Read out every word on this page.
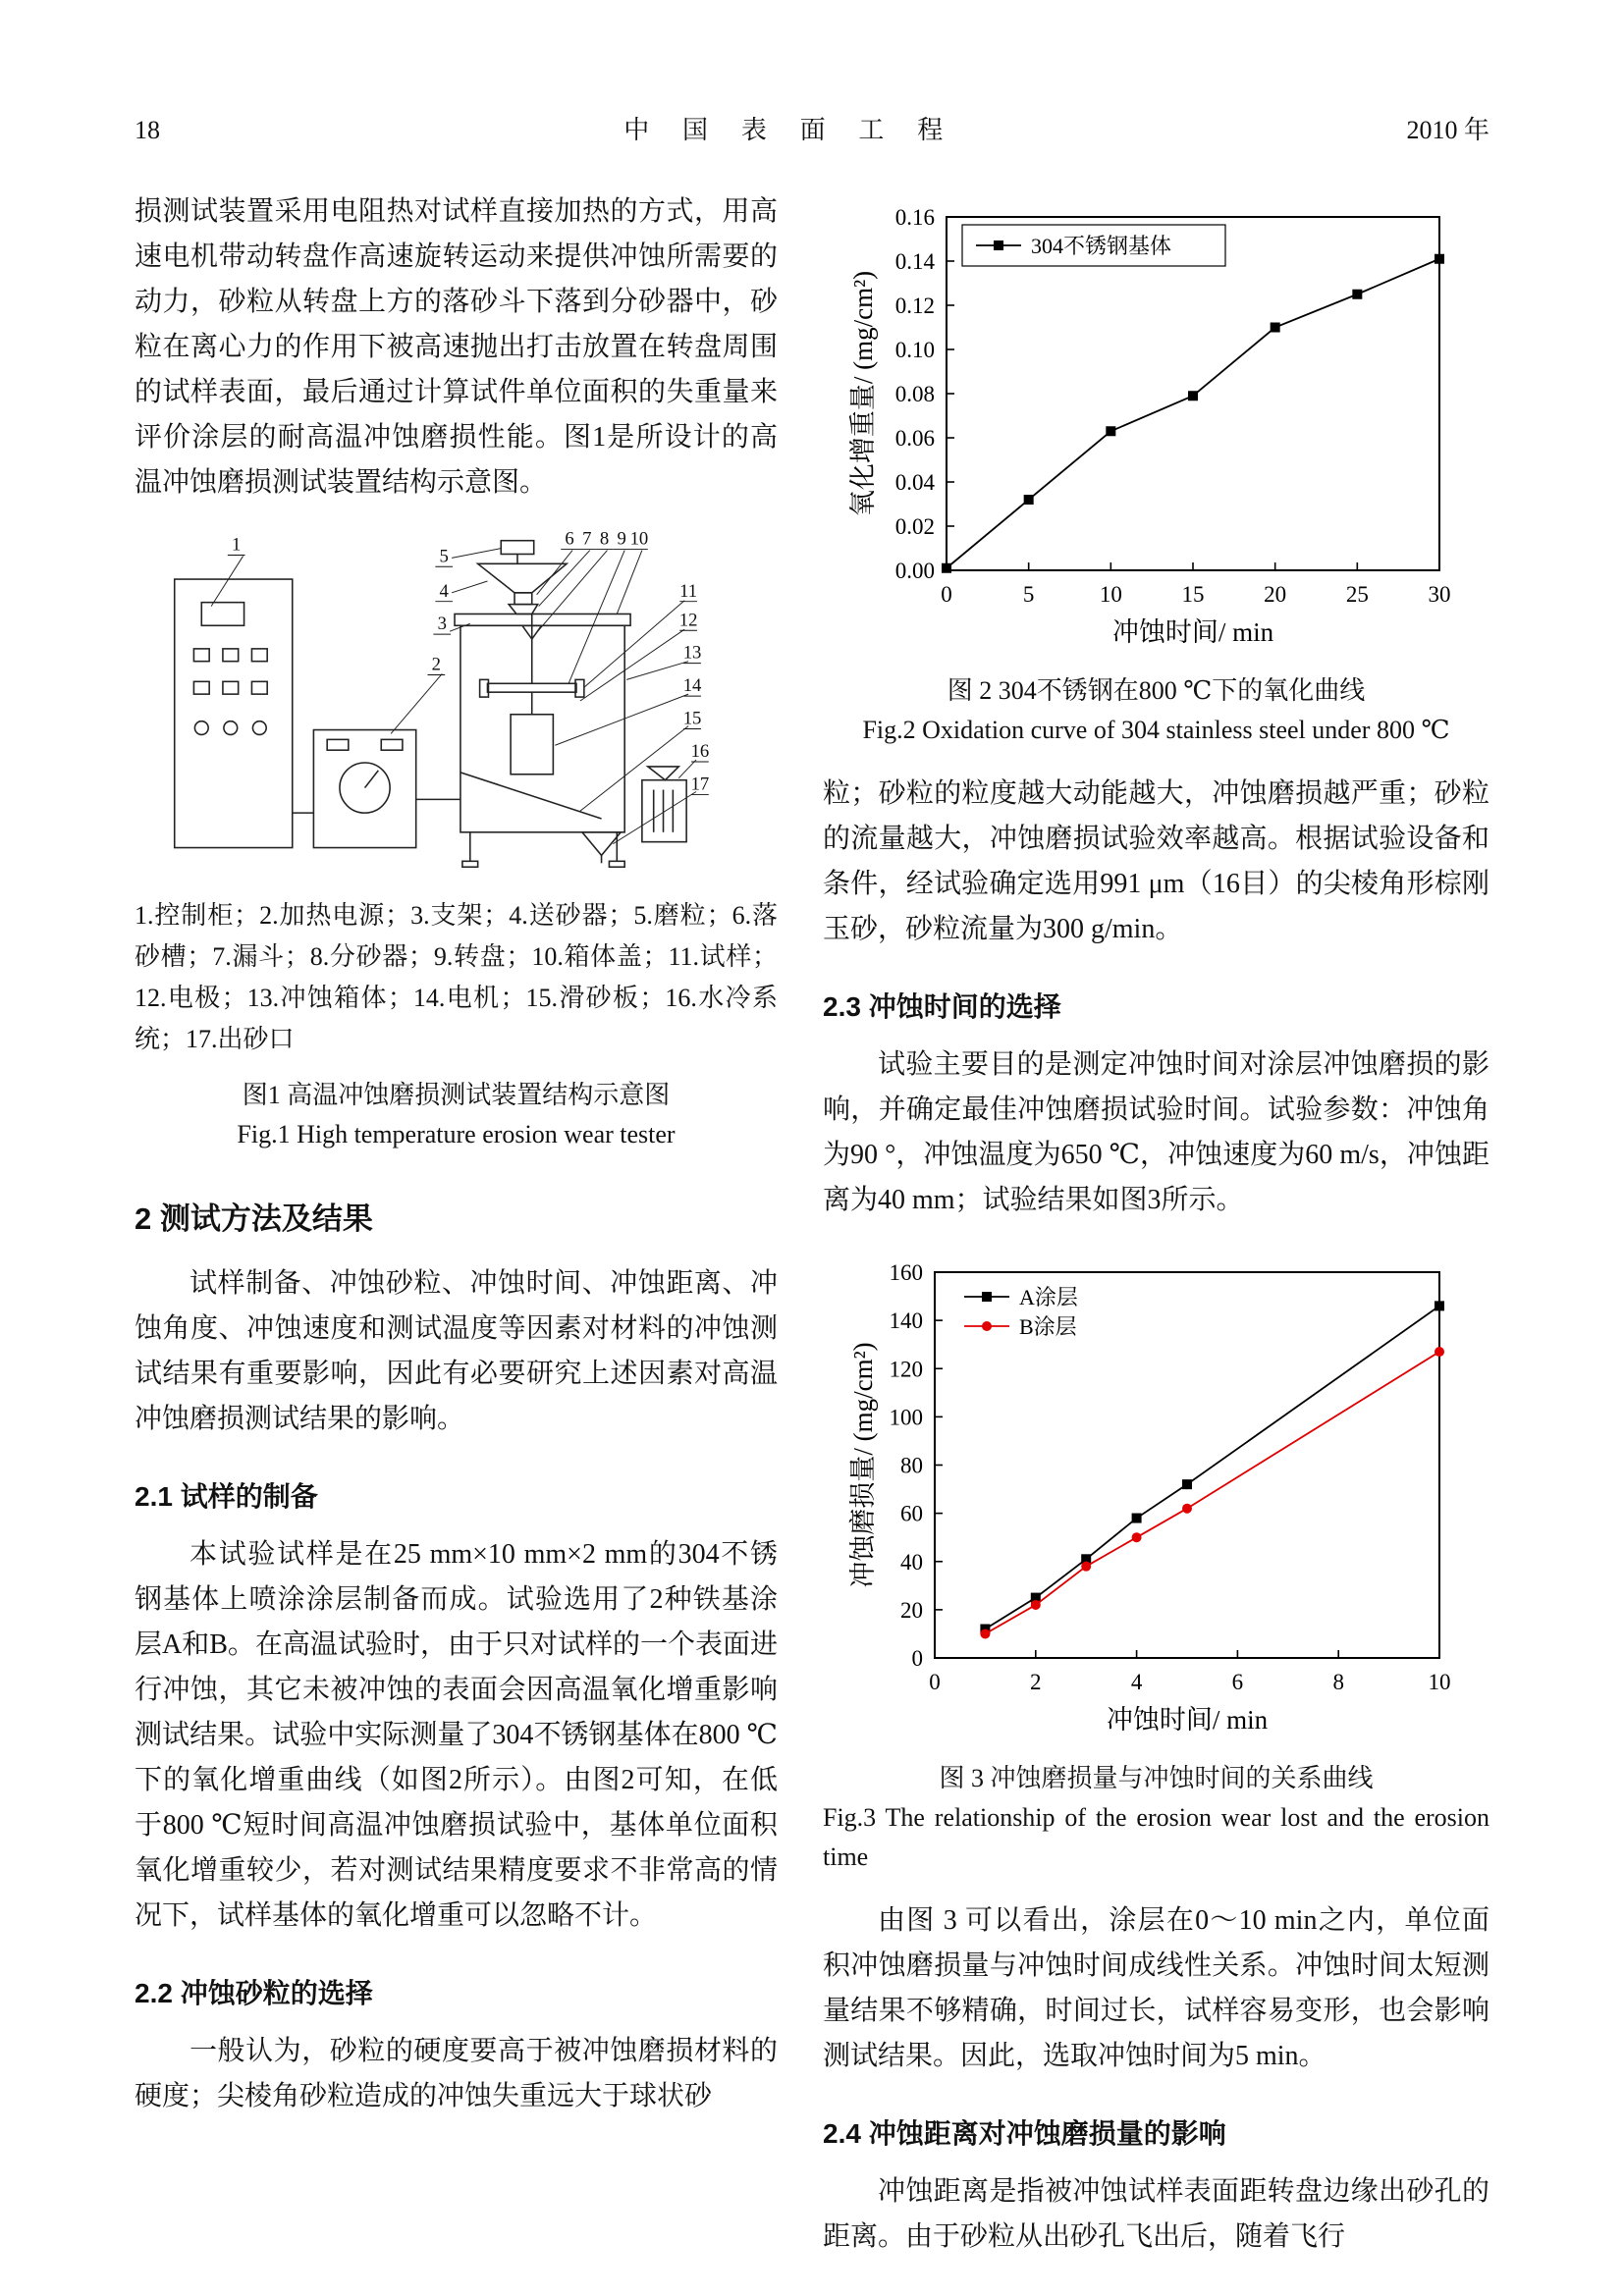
18	中国表面工程	2010 年

损测试装置采用电阻热对试样直接加热的方式，用高速电机带动转盘作高速旋转运动来提供冲蚀所需要的动力，砂粒从转盘上方的落砂斗下落到分砂器中，砂粒在离心力的作用下被高速抛出打击放置在转盘周围的试样表面，最后通过计算试件单位面积的失重量来评价涂层的耐高温冲蚀磨损性能。图1是所设计的高温冲蚀磨损测试装置结构示意图。

1
2
3
4
5
6 7 8 9 10
11
12
13
14
15
16
17

1.控制柜；2.加热电源；3.支架；4.送砂器；5.磨粒；6.落砂槽；7.漏斗；8.分砂器；9.转盘；10.箱体盖；11.试样；12.电极；13.冲蚀箱体；14.电机；15.滑砂板；16.水冷系统；17.出砂口

图1 高温冲蚀磨损测试装置结构示意图

Fig.1 High temperature erosion wear tester

2 测试方法及结果

试样制备、冲蚀砂粒、冲蚀时间、冲蚀距离、冲蚀角度、冲蚀速度和测试温度等因素对材料的冲蚀测试结果有重要影响，因此有必要研究上述因素对高温冲蚀磨损测试结果的影响。

2.1 试样的制备

本试验试样是在25 mm×10 mm×2 mm的304不锈钢基体上喷涂涂层制备而成。试验选用了2种铁基涂层A和B。在高温试验时，由于只对试样的一个表面进行冲蚀，其它未被冲蚀的表面会因高温氧化增重影响测试结果。试验中实际测量了304不锈钢基体在800 ℃下的氧化增重曲线（如图2所示）。由图2可知，在低于800 ℃短时间高温冲蚀磨损试验中，基体单位面积氧化增重较少，若对测试结果精度要求不非常高的情况下，试样基体的氧化增重可以忽略不计。

2.2 冲蚀砂粒的选择

一般认为，砂粒的硬度要高于被冲蚀磨损材料的硬度；尖棱角砂粒造成的冲蚀失重远大于球状砂

0	5	10	15	20	25	30
0.00
0.02
0.04
0.06
0.08
0.10
0.12
0.14
0.16
冲蚀时间/ min
氧化增重量/ (mg/cm²)
304不锈钢基体

图 2 304不锈钢在800 ℃下的氧化曲线

Fig.2 Oxidation curve of 304 stainless steel under 800 ℃

粒；砂粒的粒度越大动能越大，冲蚀磨损越严重；砂粒的流量越大，冲蚀磨损试验效率越高。根据试验设备和条件，经试验确定选用991 μm（16目）的尖棱角形棕刚玉砂，砂粒流量为300 g/min。

2.3 冲蚀时间的选择

试验主要目的是测定冲蚀时间对涂层冲蚀磨损的影响，并确定最佳冲蚀磨损试验时间。试验参数：冲蚀角为90 °，冲蚀温度为650 ℃，冲蚀速度为60 m/s，冲蚀距离为40 mm；试验结果如图3所示。

0	2	4	6	8	10
0
20
40
60
80
100
120
140
160
冲蚀时间/ min
冲蚀磨损量/ (mg/cm²)
A涂层
B涂层

图 3 冲蚀磨损量与冲蚀时间的关系曲线

Fig.3 The relationship of the erosion wear lost and the erosion time

由图 3 可以看出，涂层在0～10 min之内，单位面积冲蚀磨损量与冲蚀时间成线性关系。冲蚀时间太短测量结果不够精确，时间过长，试样容易变形，也会影响测试结果。因此，选取冲蚀时间为5 min。

2.4 冲蚀距离对冲蚀磨损量的影响

冲蚀距离是指被冲蚀试样表面距转盘边缘出砂孔的距离。由于砂粒从出砂孔飞出后，随着飞行
